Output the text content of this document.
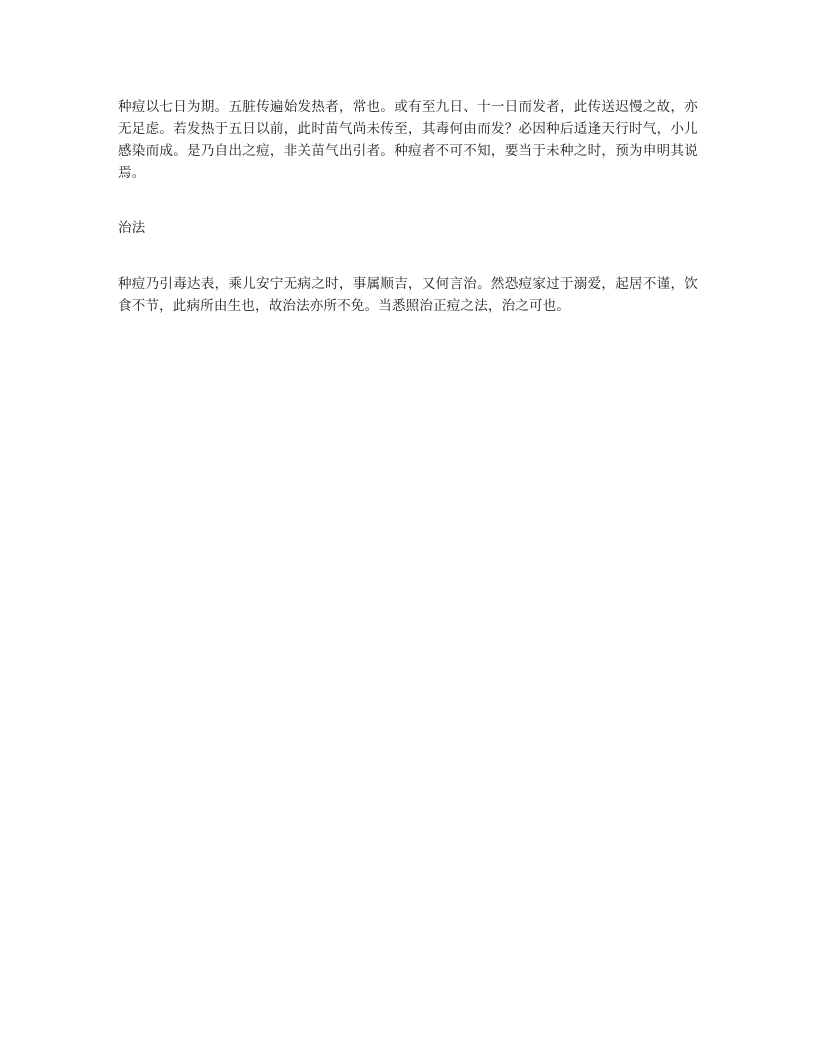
种痘以七日为期。五脏传遍始发热者，常也。或有至九日、十一日而发者，此传送迟慢之故，亦无足虑。若发热于五日以前，此时苗气尚未传至，其毒何由而发？必因种后适逢天行时气，小儿感染而成。是乃自出之痘，非关苗气出引者。种痘者不可不知，要当于未种之时，预为申明其说焉。

治法

种痘乃引毒达表，乘儿安宁无病之时，事属顺吉，又何言治。然恐痘家过于溺爱，起居不谨，饮食不节，此病所由生也，故治法亦所不免。当悉照治正痘之法，治之可也。
